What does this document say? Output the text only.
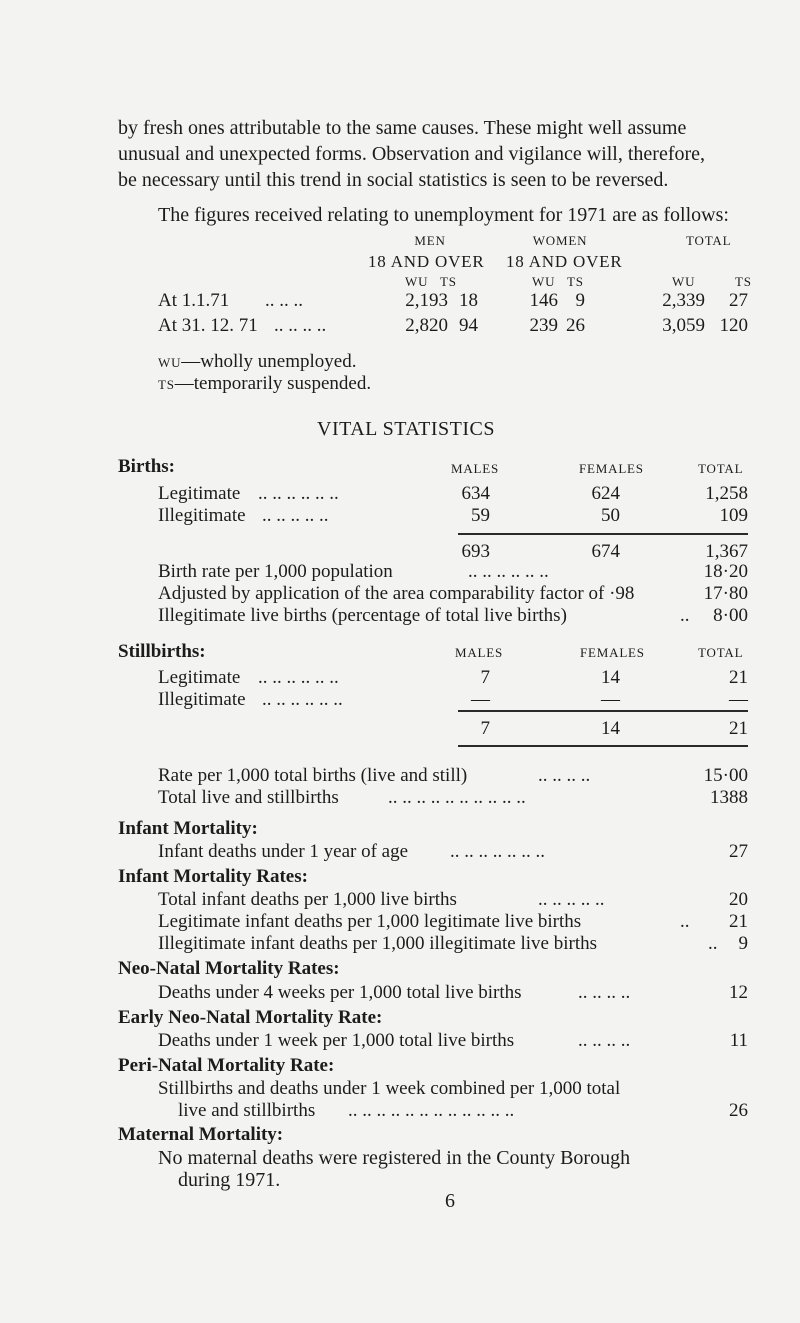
by fresh ones attributable to the same causes. These might well assume
unusual and unexpected forms. Observation and vigilance will, therefore,
be necessary until this trend in social statistics is seen to be reversed.
The figures received relating to unemployment for 1971 are as follows:
MEN	WOMEN	TOTAL
18 AND OVER 18 AND OVER
WU TS	WU TS	WU	TS
At 1.1.71 .. .. ..	2,193 18	146 9	2,339	27
At 31. 12. 71 .. .. .. ..	2,820 94	239 26	3,059 120
WU—wholly unemployed.
TS—temporarily suspended.
VITAL STATISTICS
Births:	MALES	FEMALES	TOTAL
Legitimate .. .. .. .. .. ..	634	624	1,258
Illegitimate .. .. .. .. ..	59	50	109
693	674	1,367
Birth rate per 1,000 population	.. .. .. .. .. ..	18·20
Adjusted by application of the area comparability factor of ·98	17·80
Illegitimate live births (percentage of total live births)	..	8·00
Stillbirths:	MALES	FEMALES	TOTAL
Legitimate .. .. .. .. .. ..	7	14	21
Illegitimate .. .. .. .. .. ..	—	—	—
7	14	21
Rate per 1,000 total births (live and still)	.. .. .. ..	15·00
Total live and stillbirths	.. .. .. .. .. .. .. .. .. ..	1388
Infant Mortality:
Infant deaths under 1 year of age .. .. .. .. .. .. ..	27
Infant Mortality Rates:
Total infant deaths per 1,000 live births	.. .. .. .. ..	20
Legitimate infant deaths per 1,000 legitimate live births	..	21
Illegitimate infant deaths per 1,000 illegitimate live births	..	9
Neo-Natal Mortality Rates:
Deaths under 4 weeks per 1,000 total live births	.. .. .. ..	12
Early Neo-Natal Mortality Rate:
Deaths under 1 week per 1,000 total live births	.. .. .. ..	11
Peri-Natal Mortality Rate:
Stillbirths and deaths under 1 week combined per 1,000 total
live and stillbirths .. .. .. .. .. .. .. .. .. .. .. ..	26
Maternal Mortality:
No maternal deaths were registered in the County Borough
during 1971.
6
